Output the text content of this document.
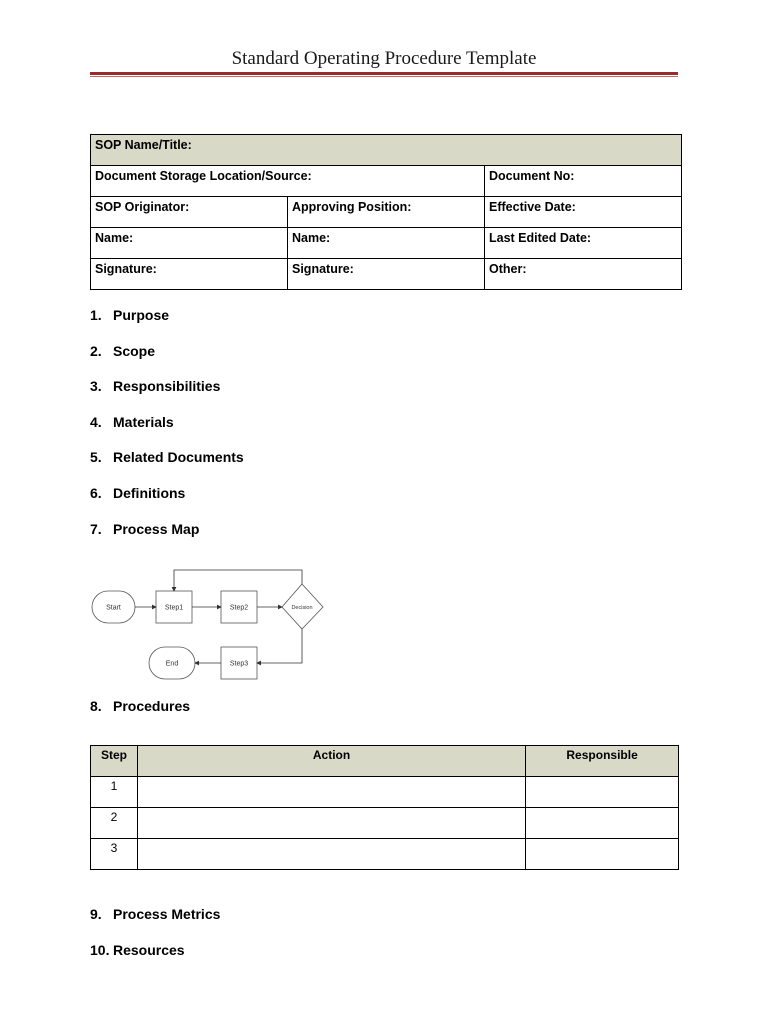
Standard Operating Procedure Template
SOP Name/Title:		
Document Storage Location/Source:		Document No:
SOP Originator:	Approving Position:	Effective Date:
Name:	Name:	Last Edited Date:
Signature:	Signature:	Other:
1. Purpose
2. Scope
3. Responsibilities
4. Materials
5. Related Documents
6. Definitions
7. Process Map
Start	Step1	Step2	Decision
Step3
End
8. Procedures
Step	Action	Responsible
1		
2		
3		
9. Process Metrics
10. Resources
